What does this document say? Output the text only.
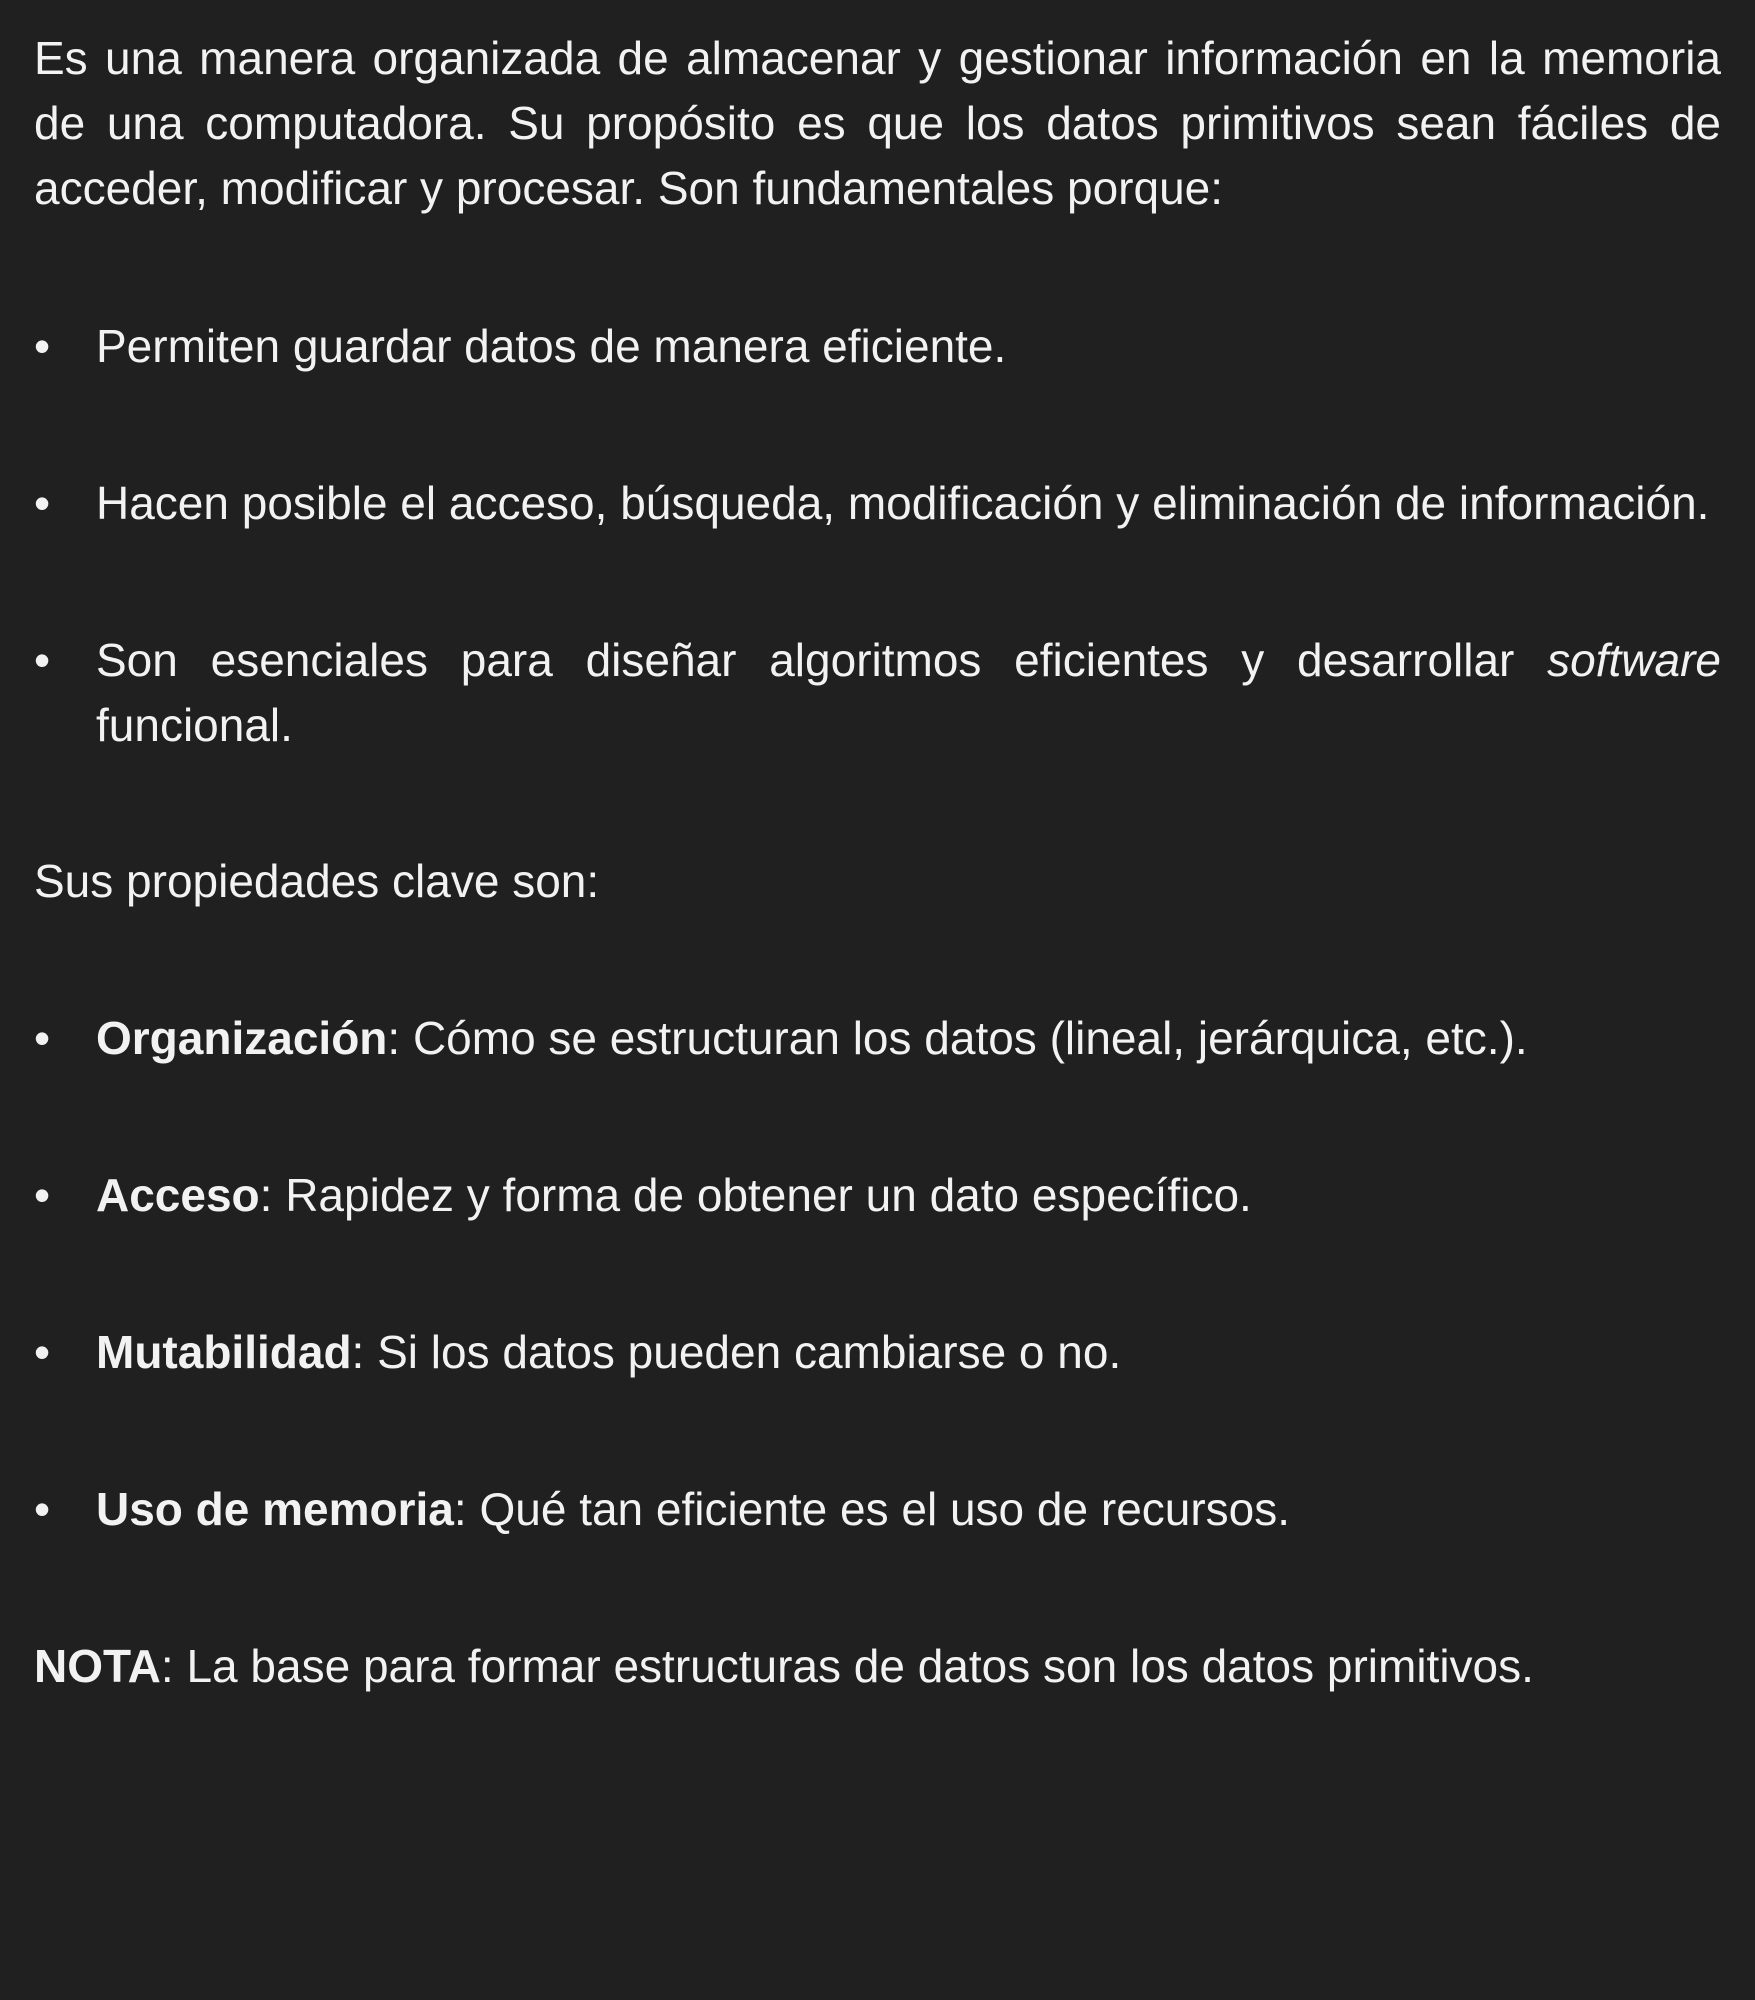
Es una manera organizada de almacenar y gestionar información en la memoria de una computadora. Su propósito es que los datos primitivos sean fáciles de acceder, modificar y procesar. Son fundamentales porque:

• Permiten guardar datos de manera eficiente.
• Hacen posible el acceso, búsqueda, modificación y eliminación de información.
• Son esenciales para diseñar algoritmos eficientes y desarrollar software funcional.

Sus propiedades clave son:

• Organización: Cómo se estructuran los datos (lineal, jerárquica, etc.).
• Acceso: Rapidez y forma de obtener un dato específico.
• Mutabilidad: Si los datos pueden cambiarse o no.
• Uso de memoria: Qué tan eficiente es el uso de recursos.

NOTA: La base para formar estructuras de datos son los datos primitivos.
